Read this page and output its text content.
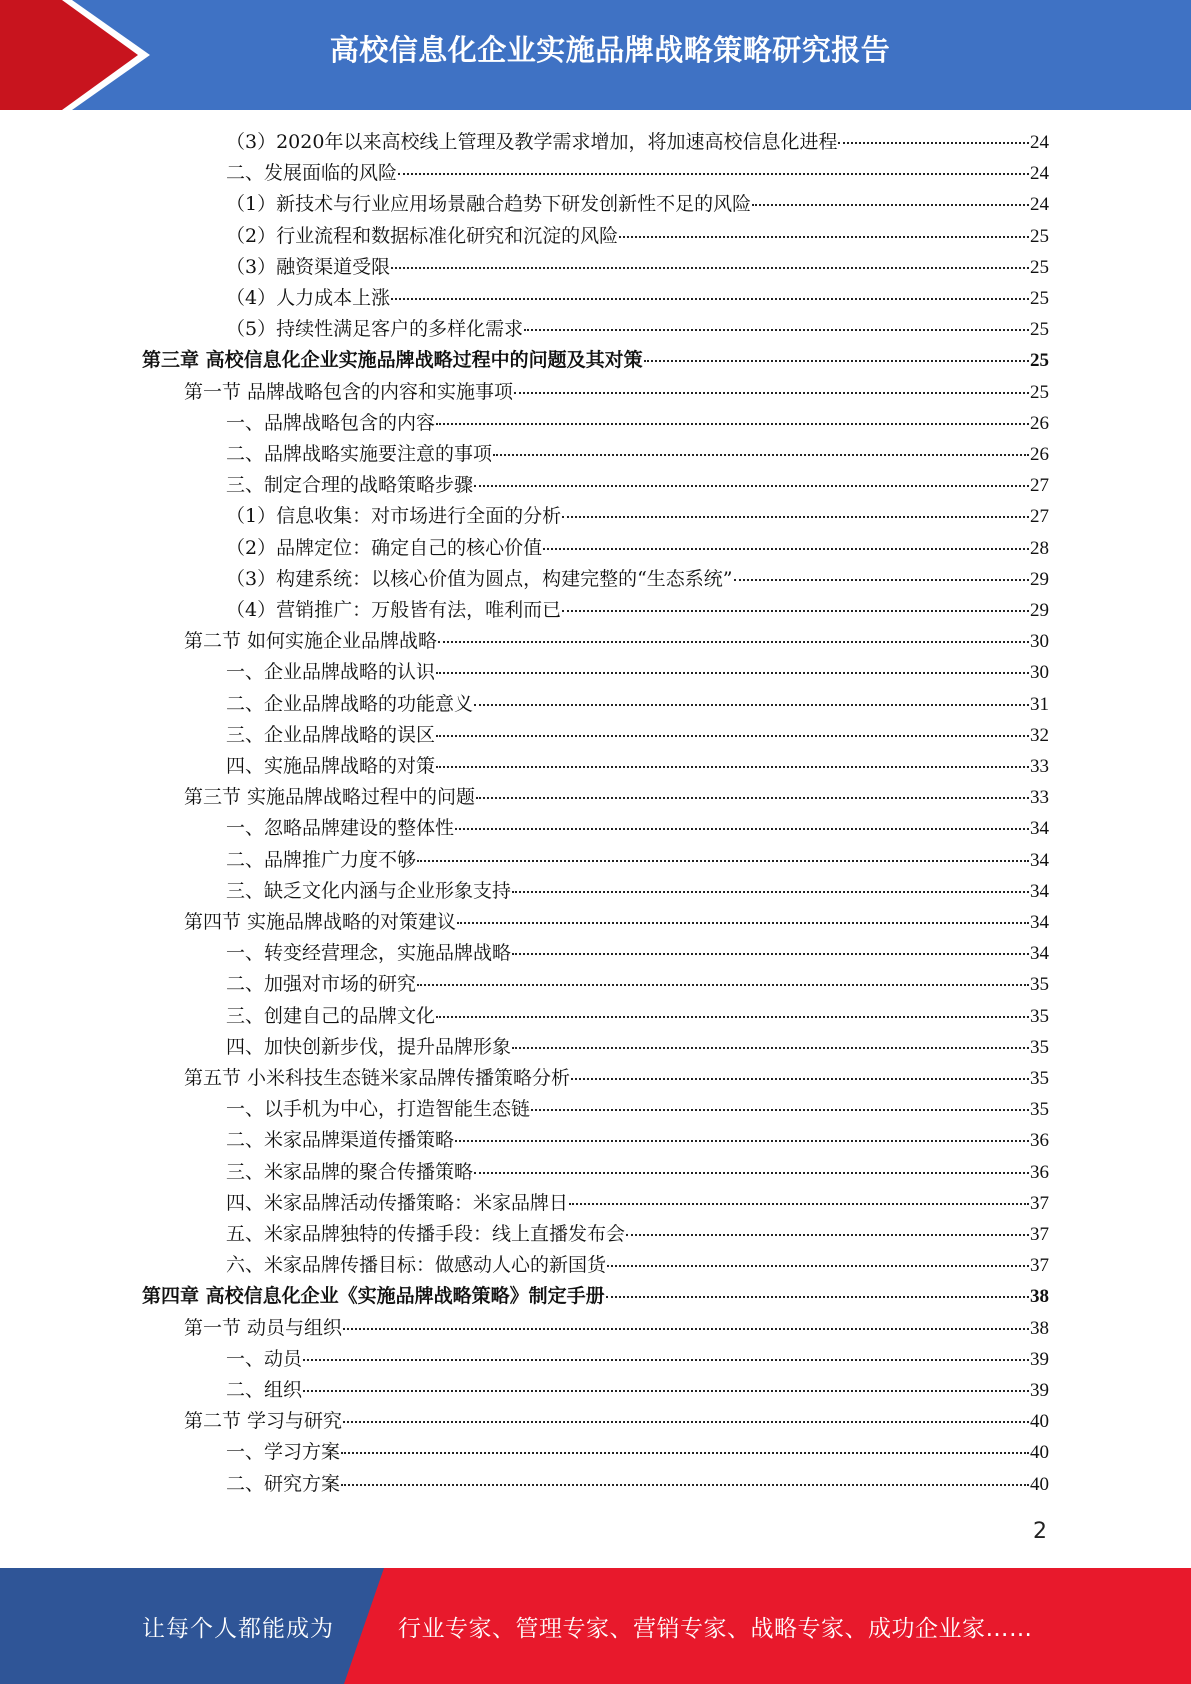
高校信息化企业实施品牌战略策略研究报告
（3）2020年以来高校线上管理及教学需求增加，将加速高校信息化进程	24
二、发展面临的风险	24
（1）新技术与行业应用场景融合趋势下研发创新性不足的风险	24
（2）行业流程和数据标准化研究和沉淀的风险	25
（3）融资渠道受限	25
（4）人力成本上涨	25
（5）持续性满足客户的多样化需求	25
第三章 高校信息化企业实施品牌战略过程中的问题及其对策	25
第一节 品牌战略包含的内容和实施事项	25
一、品牌战略包含的内容	26
二、品牌战略实施要注意的事项	26
三、制定合理的战略策略步骤	27
（1）信息收集：对市场进行全面的分析	27
（2）品牌定位：确定自己的核心价值	28
（3）构建系统：以核心价值为圆点，构建完整的“生态系统”	29
（4）营销推广：万般皆有法，唯利而已	29
第二节 如何实施企业品牌战略	30
一、企业品牌战略的认识	30
二、企业品牌战略的功能意义	31
三、企业品牌战略的误区	32
四、实施品牌战略的对策	33
第三节 实施品牌战略过程中的问题	33
一、忽略品牌建设的整体性	34
二、品牌推广力度不够	34
三、缺乏文化内涵与企业形象支持	34
第四节 实施品牌战略的对策建议	34
一、转变经营理念，实施品牌战略	34
二、加强对市场的研究	35
三、创建自己的品牌文化	35
四、加快创新步伐，提升品牌形象	35
第五节 小米科技生态链米家品牌传播策略分析	35
一、以手机为中心，打造智能生态链	35
二、米家品牌渠道传播策略	36
三、米家品牌的聚合传播策略	36
四、米家品牌活动传播策略：米家品牌日	37
五、米家品牌独特的传播手段：线上直播发布会	37
六、米家品牌传播目标：做感动人心的新国货	37
第四章 高校信息化企业《实施品牌战略策略》制定手册	38
第一节 动员与组织	38
一、动员	39
二、组织	39
第二节 学习与研究	40
一、学习方案	40
二、研究方案	40
2
让每个人都能成为	行业专家、管理专家、营销专家、战略专家、成功企业家……
